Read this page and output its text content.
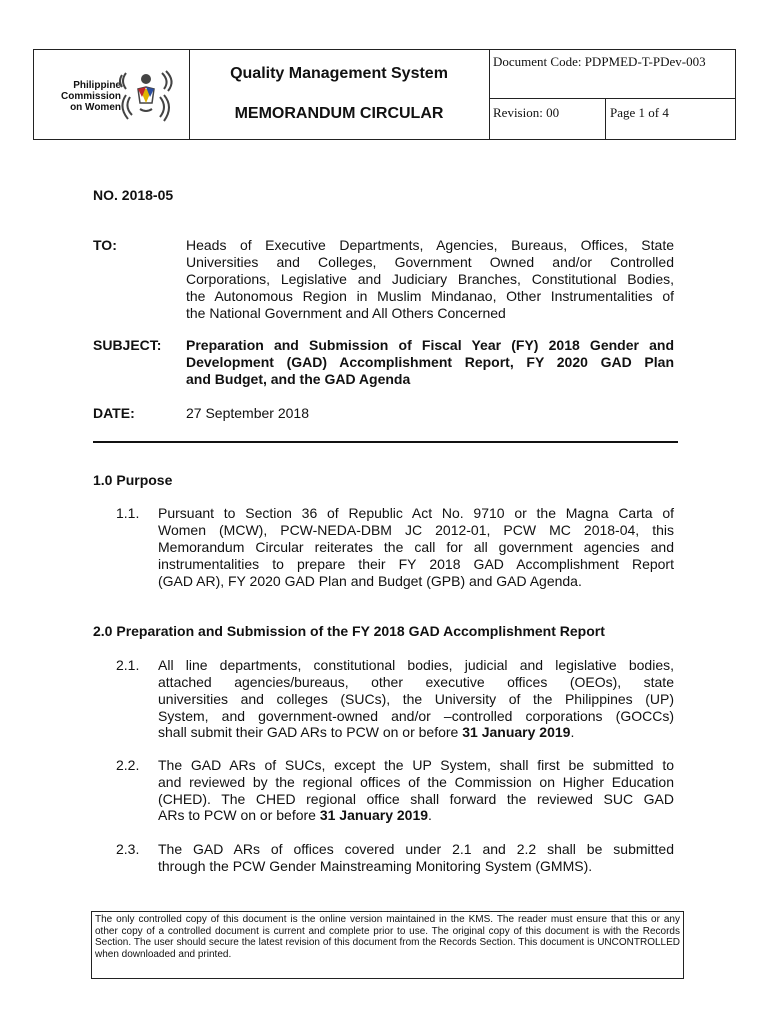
Philippine
Commission
on Women
Quality Management System
MEMORANDUM CIRCULAR
Document Code: PDPMED-T-PDev-003
Revision: 00	Page 1 of 4
NO. 2018-05
TO:	Heads of Executive Departments, Agencies, Bureaus, Offices, State
Universities and Colleges, Government Owned and/or Controlled
Corporations, Legislative and Judiciary Branches, Constitutional Bodies,
the Autonomous Region in Muslim Mindanao, Other Instrumentalities of
the National Government and All Others Concerned
SUBJECT: Preparation and Submission of Fiscal Year (FY) 2018 Gender and
Development (GAD) Accomplishment Report, FY 2020 GAD Plan
and Budget, and the GAD Agenda
DATE:	27 September 2018
1.0 Purpose
1.1. Pursuant to Section 36 of Republic Act No. 9710 or the Magna Carta of
Women (MCW), PCW-NEDA-DBM JC 2012-01, PCW MC 2018-04, this
Memorandum Circular reiterates the call for all government agencies and
instrumentalities to prepare their FY 2018 GAD Accomplishment Report
(GAD AR), FY 2020 GAD Plan and Budget (GPB) and GAD Agenda.
2.0 Preparation and Submission of the FY 2018 GAD Accomplishment Report
2.1. All line departments, constitutional bodies, judicial and legislative bodies,
attached agencies/bureaus, other executive offices (OEOs), state
universities and colleges (SUCs), the University of the Philippines (UP)
System, and government-owned and/or –controlled corporations (GOCCs)
shall submit their GAD ARs to PCW on or before 31 January 2019.
2.2. The GAD ARs of SUCs, except the UP System, shall first be submitted to
and reviewed by the regional offices of the Commission on Higher Education
(CHED). The CHED regional office shall forward the reviewed SUC GAD
ARs to PCW on or before 31 January 2019.
2.3. The GAD ARs of offices covered under 2.1 and 2.2 shall be submitted
through the PCW Gender Mainstreaming Monitoring System (GMMS).
The only controlled copy of this document is the online version maintained in the KMS. The reader must ensure that this or any other copy of a controlled document is current and complete prior to use. The original copy of this document is with the Records Section. The user should secure the latest revision of this document from the Records Section. This document is UNCONTROLLED when downloaded and printed.
